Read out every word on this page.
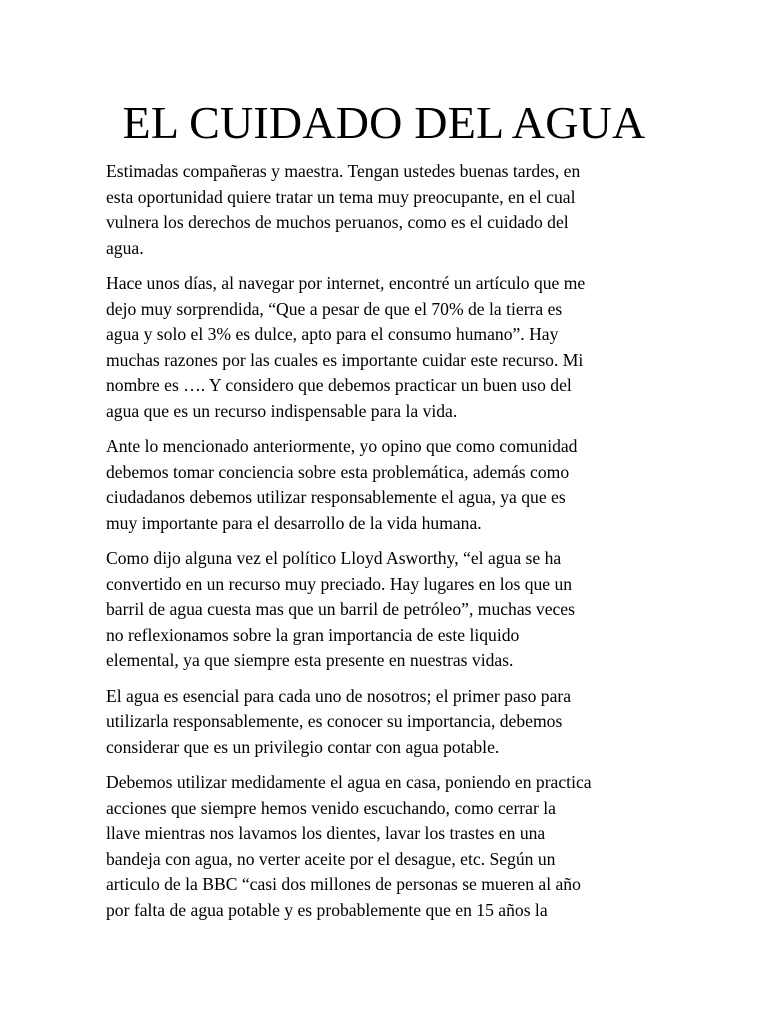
EL CUIDADO DEL AGUA

Estimadas compañeras y maestra. Tengan ustedes buenas tardes, en
esta oportunidad quiere tratar un tema muy preocupante, en el cual
vulnera los derechos de muchos peruanos, como es el cuidado del
agua.

Hace unos días, al navegar por internet, encontré un artículo que me
dejo muy sorprendida, “Que a pesar de que el 70% de la tierra es
agua y solo el 3% es dulce, apto para el consumo humano”. Hay
muchas razones por las cuales es importante cuidar este recurso. Mi
nombre es …. Y considero que debemos practicar un buen uso del
agua que es un recurso indispensable para la vida.

Ante lo mencionado anteriormente, yo opino que como comunidad
debemos tomar conciencia sobre esta problemática, además como
ciudadanos debemos utilizar responsablemente el agua, ya que es
muy importante para el desarrollo de la vida humana.

Como dijo alguna vez el político Lloyd Asworthy, “el agua se ha
convertido en un recurso muy preciado. Hay lugares en los que un
barril de agua cuesta mas que un barril de petróleo”, muchas veces
no reflexionamos sobre la gran importancia de este liquido
elemental, ya que siempre esta presente en nuestras vidas.

El agua es esencial para cada uno de nosotros; el primer paso para
utilizarla responsablemente, es conocer su importancia, debemos
considerar que es un privilegio contar con agua potable.

Debemos utilizar medidamente el agua en casa, poniendo en practica
acciones que siempre hemos venido escuchando, como cerrar la
llave mientras nos lavamos los dientes, lavar los trastes en una
bandeja con agua, no verter aceite por el desague, etc. Según un
articulo de la BBC “casi dos millones de personas se mueren al año
por falta de agua potable y es probablemente que en 15 años la
